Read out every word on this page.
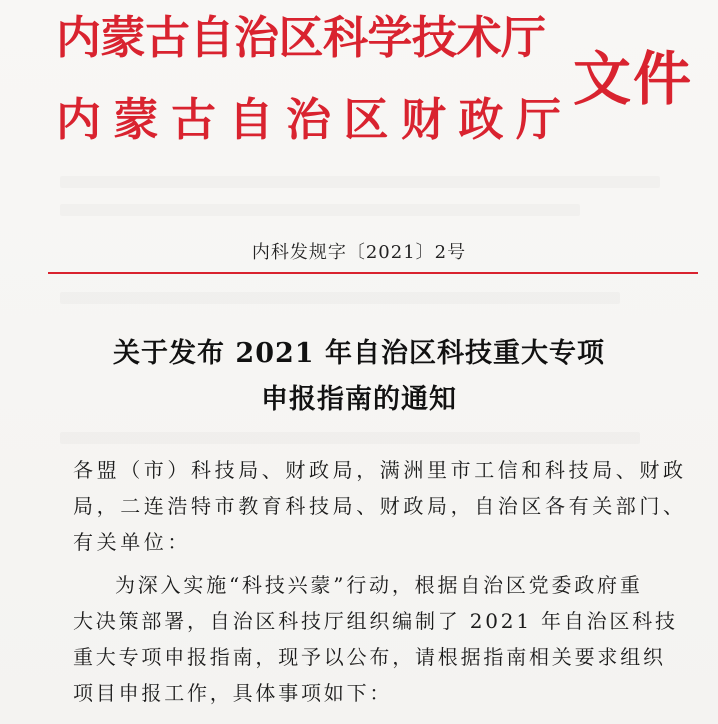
内蒙古自治区科学技术厅
内蒙古自治区财政厅
文件
内科发规字〔2021〕2号
关于发布 2021 年自治区科技重大专项
申报指南的通知
各盟（市）科技局、财政局，满洲里市工信和科技局、财政
局，二连浩特市教育科技局、财政局，自治区各有关部门、
有关单位：
为深入实施“科技兴蒙”行动，根据自治区党委政府重
大决策部署，自治区科技厅组织编制了 2021 年自治区科技
重大专项申报指南，现予以公布，请根据指南相关要求组织
项目申报工作，具体事项如下：
